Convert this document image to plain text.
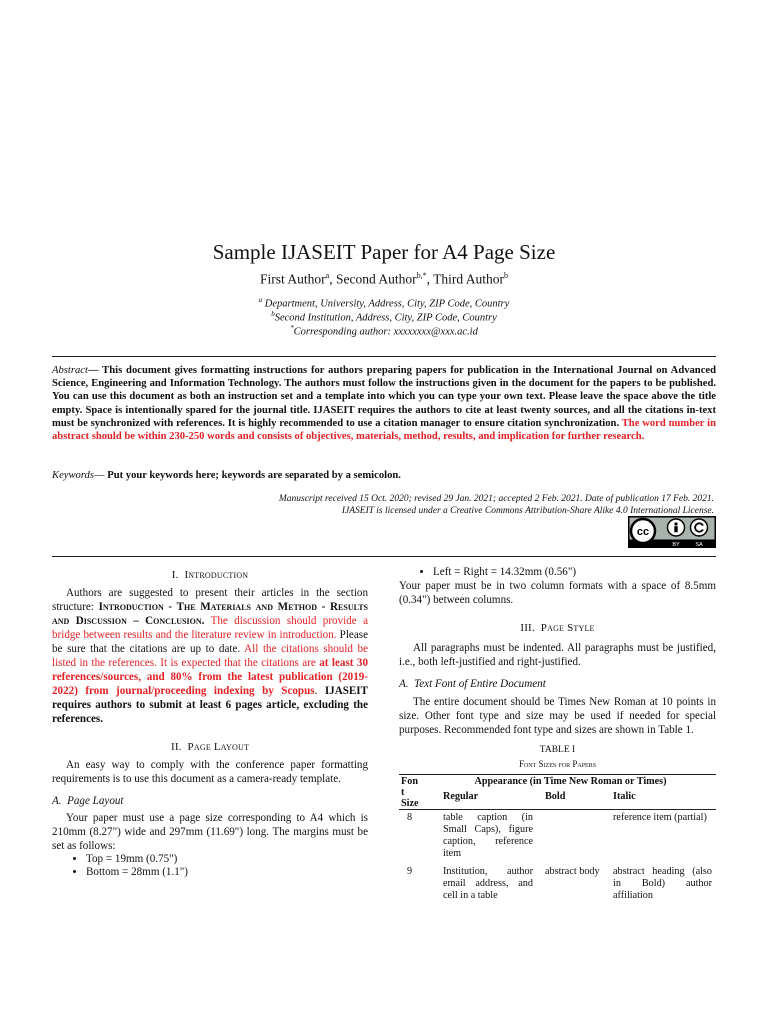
Sample IJASEIT Paper for A4 Page Size
First Author$^a$, Second Author$^{b,*}$, Third Author$^b$
$^a$ Department, University, Address, City, ZIP Code, Country
$^b$Second Institution, Address, City, ZIP Code, Country
*Corresponding author: xxxxxxxx@xxx.ac.id
Abstract— This document gives formatting instructions for authors preparing papers for publication in the International Journal on Advanced Science, Engineering and Information Technology. The authors must follow the instructions given in the document for the papers to be published. You can use this document as both an instruction set and a template into which you can type your own text. Please leave the space above the title empty. Space is intentionally spared for the journal title. IJASEIT requires the authors to cite at least twenty sources, and all the citations in-text must be synchronized with references. It is highly recommended to use a citation manager to ensure citation synchronization. The word number in abstract should be within 230-250 words and consists of objectives, materials, method, results, and implication for further research.
Keywords— Put your keywords here; keywords are separated by a semicolon.
Manuscript received 15 Oct. 2020; revised 29 Jan. 2021; accepted 2 Feb. 2021. Date of publication 17 Feb. 2021.
IJASEIT is licensed under a Creative Commons Attribution-Share Alike 4.0 International License.
cc
BY	SA
I. Introduction

Authors are suggested to present their articles in the section structure: Introduction - The Materials and Method - Results and Discussion – Conclusion. The discussion should provide a bridge between results and the literature review in introduction. Please be sure that the citations are up to date. All the citations should be listed in the references. It is expected that the citations are at least 30 references/sources, and 80% from the latest publication (2019-2022) from journal/proceeding indexing by Scopus. IJASEIT requires authors to submit at least 6 pages article, excluding the references.

II. Page Layout

An easy way to comply with the conference paper formatting requirements is to use this document as a camera-ready template.

A. Page Layout

Your paper must use a page size corresponding to A4 which is 210mm (8.27") wide and 297mm (11.69") long. The margins must be set as follows:

• Top = 19mm (0.75")
• Bottom = 28mm (1.1")
• Left = Right = 14.32mm (0.56")

Your paper must be in two column formats with a space of 8.5mm (0.34") between columns.

III. Page Style

All paragraphs must be indented. All paragraphs must be justified, i.e., both left-justified and right-justified.

A. Text Font of Entire Document

The entire document should be Times New Roman at 10 points in size. Other font type and size may be used if needed for special purposes. Recommended font type and sizes are shown in Table 1.

TABLE I
Font Sizes for Papers
Fon t Size	Appearance (in Time New Roman or Times)		
	Regular	Bold	Italic
8	table caption (in Small Caps), figure caption, reference item		reference item (partial)
9	Institution, author email address, and cell in a table	abstract body	abstract heading (also in Bold) author affiliation
